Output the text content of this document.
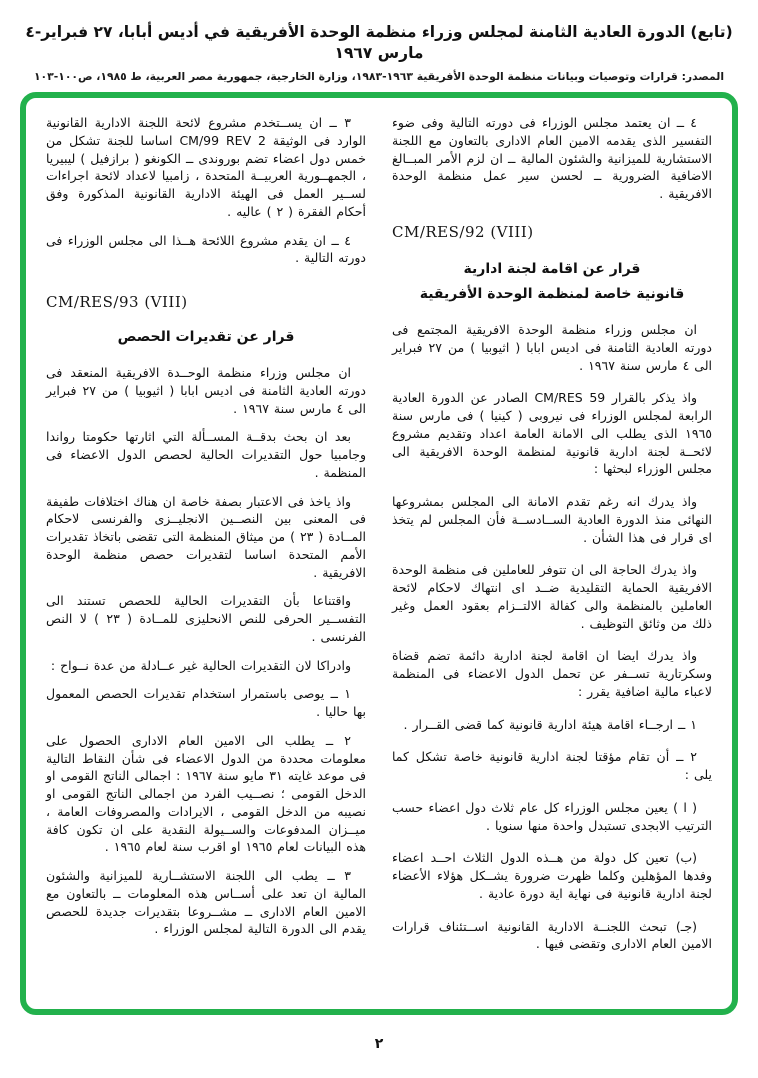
(تابع) الدورة العادية الثامنة لمجلس وزراء منظمة الوحدة الأفريقية في أديس أبابا، ٢٧ فبراير-٤ مارس ١٩٦٧
المصدر: قرارات وتوصيات وبيانات منظمة الوحدة الأفريقية ١٩٦٣-١٩٨٣، وزارة الخارجية، جمهورية مصر العربية، ط ١٩٨٥، ص١٠٠-١٠٣

٣ ــ ان يســتخدم مشروع لائحة اللجنة الادارية القانونية الوارد فى الوثيقة CM/99 REV 2 اساسا للجنة تشكل من خمس دول اعضاء تضم بوروندى ــ الكونغو ( برازفيل ) ليبيريا ، الجمهــورية العربيــة المتحدة ، زامبيا لاعداد لائحة اجراءات لســير العمل فى الهيئة الادارية القانونية المذكورة وفق أحكام الفقرة ( ٢ ) عاليه .

٤ ــ ان يقدم مشروع اللائحة هــذا الى مجلس الوزراء فى دورته التالية .

CM/RES/93 (VIII)
قرار عن تقديرات الحصص

ان مجلس وزراء منظمة الوحــدة الافريقية المنعقد فى دورته العادية الثامنة فى اديس ابابا ( اثيوبيا ) من ٢٧ فبراير الى ٤ مارس سنة ١٩٦٧ .

بعد ان بحث بدقــة المســألة التي اثارتها حكومتا رواندا وجامبيا حول التقديرات الحالية لحصص الدول الاعضاء فى المنظمة .

واذ ياخذ فى الاعتبار بصفة خاصة ان هناك اختلافات طفيفة فى المعنى بين النصــين الانجليــزى والفرنسى لاحكام المــادة ( ٢٣ ) من ميثاق المنظمة التى تقضى باتخاذ تقديرات الأمم المتحدة اساسا لتقديرات حصص منظمة الوحدة الافريقية .

واقتناعا بأن التقديرات الحالية للحصص تستند الى التفســير الحرفى للنص الانحليزى للمــادة ( ٢٣ ) لا النص الفرنسى .

وادراكا لان التقديرات الحالية غير عــادلة من عدة نــواح :

١ ــ يوصى باستمرار استخدام تقديرات الحصص المعمول بها حاليا .

٢ ــ يطلب الى الامين العام الادارى الحصول على معلومات محددة من الدول الاعضاء فى شأن النقاط التالية فى موعد غايته ٣١ مايو سنة ١٩٦٧ : اجمالى الناتج القومى او الدخل القومى ؛ نصــيب الفرد من اجمالى الناتج القومى او نصيبه من الدخل القومى ، الايرادات والمصروفات العامة ، ميــزان المدفوعات والســيولة النقدية على ان تكون كافة هذه البيانات لعام ١٩٦٥ او اقرب سنة لعام ١٩٦٥ .

٣ ــ يطب الى اللجنة الاستشــارية للميزانية والشئون المالية ان تعد على أســاس هذه المعلومات ــ بالتعاون مع الامين العام الادارى ــ مشــروعا بتقديرات جديدة للحصص يقدم الى الدورة التالية لمجلس الوزراء .

٤ ــ ان يعتمد مجلس الوزراء فى دورته التالية وفى ضوء التفسير الذى يقدمه الامين العام الادارى بالتعاون مع اللجنة الاستشارية للميزانية والشئون المالية ــ ان لزم الأمر المبــالغ الاضافية الضرورية ــ لحسن سير عمل منظمة الوحدة الافريقية .

CM/RES/92 (VIII)
قرار عن اقامة لجنة ادارية
قانونية خاصة لمنظمة الوحدة الأفريقية

ان مجلس وزراء منظمة الوحدة الافريقية المجتمع فى دورته العادية الثامنة فى اديس ابابا ( اثيوبيا ) من ٢٧ فبراير الى ٤ مارس سنة ١٩٦٧ .

واذ يذكر بالقرار CM/RES 59 الصادر عن الدورة العادية الرابعة لمجلس الوزراء فى نيروبى ( كينيا ) فى مارس سنة ١٩٦٥ الذى يطلب الى الامانة العامة اعداد وتقديم مشروع لائحــة لجنة ادارية قانونية لمنظمة الوحدة الافريقية الى مجلس الوزراء لبحثها :

واذ يدرك انه رغم تقدم الامانة الى المجلس بمشروعها النهائى منذ الدورة العادية الســادســة فأن المجلس لم يتخذ اى قرار فى هذا الشأن .

واذ يدرك الحاجة الى ان تتوفر للعاملين فى منظمة الوحدة الافريقية الحماية التقليدية ضــد اى انتهاك لاحكام لائحة العاملين بالمنظمة والى كفالة الالتــزام بعقود العمل وغير ذلك من وثائق التوظيف .

واذ يدرك ايضا ان اقامة لجنة ادارية دائمة تضم قضاة وسكرتارية تســفر عن تحمل الدول الاعضاء فى المنظمة لاعباء مالية اضافية يقرر :

١ ــ ارجــاء اقامة هيئة ادارية قانونية كما قضى القــرار .

٢ ــ أن تقام مؤقتا لجنة ادارية قانونية خاصة تشكل كما يلى :

( ا ) يعين مجلس الوزراء كل عام ثلاث دول اعضاء حسب الترتيب الابجدى تستبدل واحدة منها سنويا .

(ب) تعين كل دولة من هــذه الدول الثلاث احــد اعضاء وفدها المؤهلين وكلما ظهرت ضرورة يشــكل هؤلاء الأعضاء لجنة ادارية قانونية فى نهاية اية دورة عادية .

(جـ) تبحث اللجنــة الادارية القانونية اســتئناف قرارات الامين العام الادارى وتقضى فيها .

٢
